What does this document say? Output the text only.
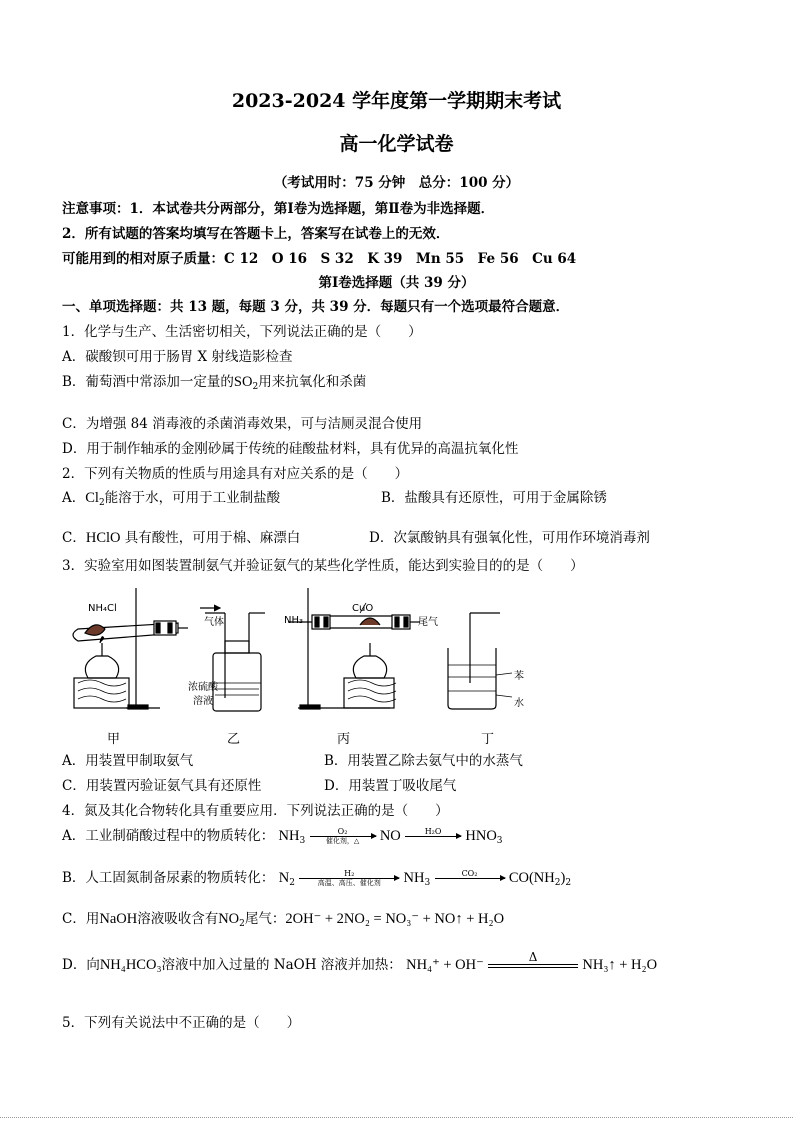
2023-2024 学年度第一学期期末考试
高一化学试卷
（考试用时：75 分钟　总分：100 分）
注意事项：1．本试卷共分两部分，第Ⅰ卷为选择题，第Ⅱ卷为非选择题．
2．所有试题的答案均填写在答题卡上，答案写在试卷上的无效．
可能用到的相对原子质量：C 12　O 16　S 32　K 39　Mn 55　Fe 56　Cu 64
第Ⅰ卷选择题（共 39 分）
一、单项选择题：共 13 题，每题 3 分，共 39 分．每题只有一个选项最符合题意．
1．化学与生产、生活密切相关，下列说法正确的是（　　）
A．碳酸钡可用于肠胃 X 射线造影检查
B．葡萄酒中常添加一定量的$SO_2$用来抗氧化和杀菌
C．为增强 84 消毒液的杀菌消毒效果，可与洁厕灵混合使用
D．用于制作轴承的金刚砂属于传统的硅酸盐材料，具有优异的高温抗氧化性
2．下列有关物质的性质与用途具有对应关系的是（　　）
A．$Cl_2$能溶于水，可用于工业制盐酸	B．盐酸具有还原性，可用于金属除锈
C．HClO 具有酸性，可用于棉、麻漂白	D．次氯酸钠具有强氧化性，可用作环境消毒剂
3．实验室用如图装置制氨气并验证氨气的某些化学性质，能达到实验目的的是（　　）
NH₄Cl
气体	NH₃
CuO
尾气
浓硫酸
溶液
苯
水
甲	乙	丙	丁
A．用装置甲制取氨气	B．用装置乙除去氨气中的水蒸气
C．用装置丙验证氨气具有还原性	D．用装置丁吸收尾气
4．氮及其化合物转化具有重要应用．下列说法正确的是（　　）
A．工业制硝酸过程中的物质转化： $NH_3$
O₂
催化剂，△	NO	H₂O	$HNO_3$
B．人工固氮制备尿素的物质转化： $N_2$
H₂
高温、高压、催化剂	$NH_3$
CO₂	$CO(NH_2)_2$
C．用NaOH溶液吸收含有$NO_2$尾气：2OH⁻ + 2NO₂ = NO₃⁻ + NO↑ + H₂O
D．向NH₄HCO₃溶液中加入过量的 NaOH 溶液并加热： NH₄⁺ + OH⁻
Δ

NH₃↑ + H₂O
5．下列有关说法中不正确的是（　　）
